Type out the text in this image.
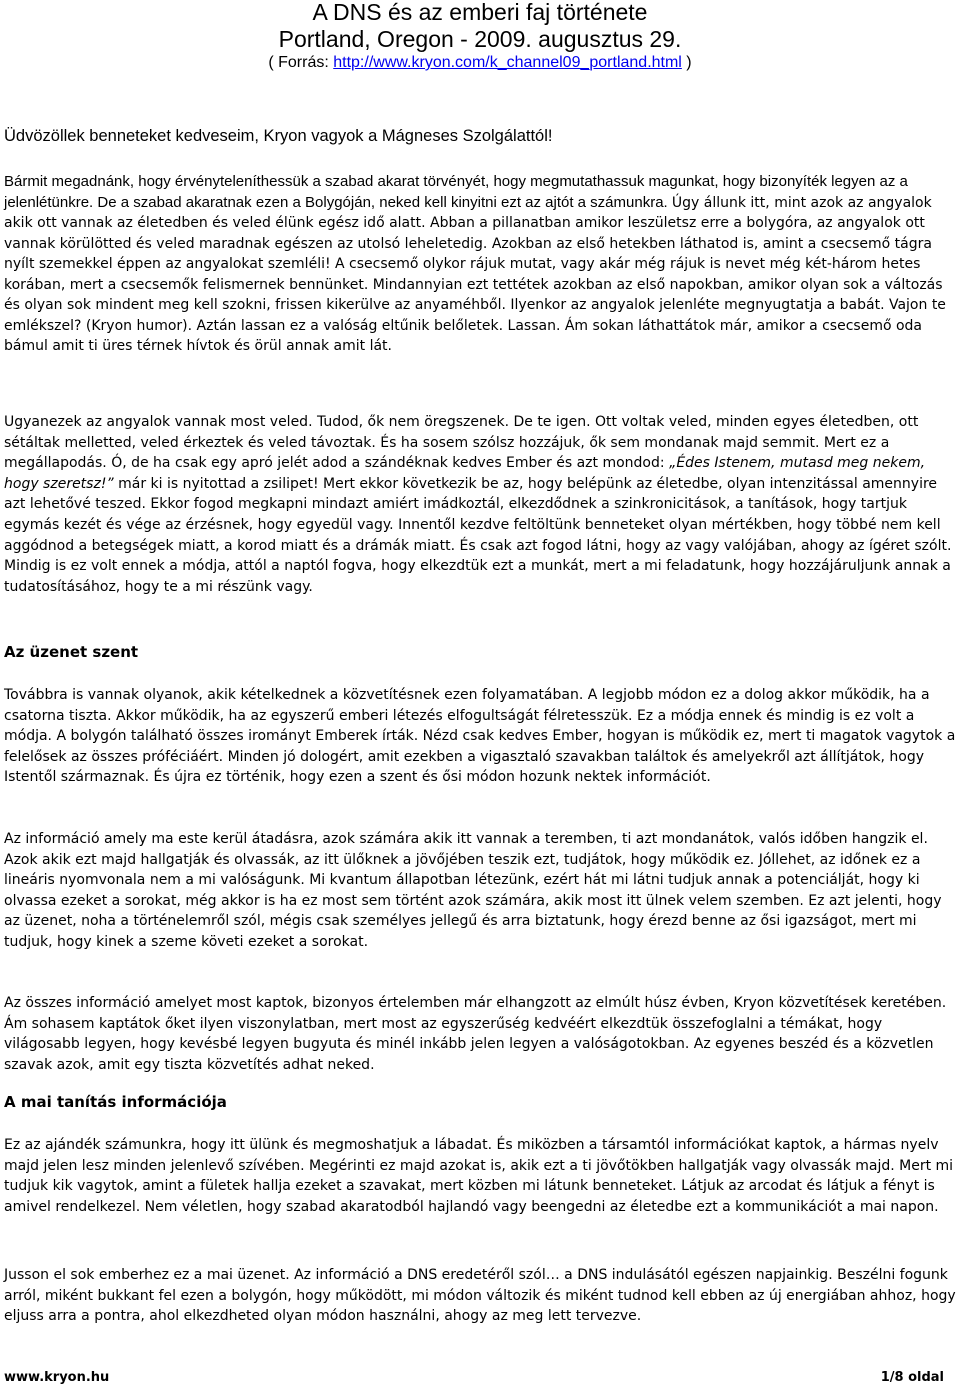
A DNS és az emberi faj története
Portland, Oregon - 2009. augusztus 29.
( Forrás: http://www.kryon.com/k_channel09_portland.html )
Üdvözöllek benneteket kedveseim, Kryon vagyok a Mágneses Szolgálattól!
Bármit megadnánk, hogy érvényteleníthessük a szabad akarat törvényét, hogy megmutathassuk magunkat, hogy bizonyíték legyen az a jelenlétünkre. De a szabad akaratnak ezen a Bolygóján, neked kell kinyitni ezt az ajtót a számunkra. Úgy állunk itt, mint azok az angyalok akik ott vannak az életedben és veled élünk egész idő alatt. Abban a pillanatban amikor leszületsz erre a bolygóra, az angyalok ott vannak körülötted és veled maradnak egészen az utolsó leheletedig. Azokban az első hetekben láthatod is, amint a csecsemő tágra nyílt szemekkel éppen az angyalokat szemléli! A csecsemő olykor rájuk mutat, vagy akár még rájuk is nevet még két-három hetes korában, mert a csecsemők felismernek bennünket. Mindannyian ezt tettétek azokban az első napokban, amikor olyan sok a változás és olyan sok mindent meg kell szokni, frissen kikerülve az anyaméhből. Ilyenkor az angyalok jelenléte megnyugtatja a babát. Vajon te emlékszel? (Kryon humor). Aztán lassan ez a valóság eltűnik belőletek. Lassan. Ám sokan láthattátok már, amikor a csecsemő oda bámul amit ti üres térnek hívtok és örül annak amit lát.
Ugyanezek az angyalok vannak most veled. Tudod, ők nem öregszenek. De te igen. Ott voltak veled, minden egyes életedben, ott sétáltak melletted, veled érkeztek és veled távoztak. És ha sosem szólsz hozzájuk, ők sem mondanak majd semmit. Mert ez a megállapodás. Ó, de ha csak egy apró jelét adod a szándéknak kedves Ember és azt mondod: „Édes Istenem, mutasd meg nekem, hogy szeretsz!” már ki is nyitottad a zsilipet! Mert ekkor következik be az, hogy belépünk az életedbe, olyan intenzitással amennyire azt lehetővé teszed. Ekkor fogod megkapni mindazt amiért imádkoztál, elkezdődnek a szinkronicitások, a tanítások, hogy tartjuk egymás kezét és vége az érzésnek, hogy egyedül vagy. Innentől kezdve feltöltünk benneteket olyan mértékben, hogy többé nem kell aggódnod a betegségek miatt, a korod miatt és a drámák miatt. És csak azt fogod látni, hogy az vagy valójában, ahogy az ígéret szólt. Mindig is ez volt ennek a módja, attól a naptól fogva, hogy elkezdtük ezt a munkát, mert a mi feladatunk, hogy hozzájáruljunk annak a tudatosításához, hogy te a mi részünk vagy.
Az üzenet szent
Továbbra is vannak olyanok, akik kételkednek a közvetítésnek ezen folyamatában. A legjobb módon ez a dolog akkor működik, ha a csatorna tiszta. Akkor működik, ha az egyszerű emberi létezés elfogultságát félretesszük. Ez a módja ennek és mindig is ez volt a módja. A bolygón található összes irományt Emberek írták. Nézd csak kedves Ember, hogyan is működik ez, mert ti magatok vagytok a felelősek az összes próféciáért. Minden jó dologért, amit ezekben a vigasztaló szavakban találtok és amelyekről azt állítjátok, hogy Istentől származnak. És újra ez történik, hogy ezen a szent és ősi módon hozunk nektek információt.
Az információ amely ma este kerül átadásra, azok számára akik itt vannak a teremben, ti azt mondanátok, valós időben hangzik el. Azok akik ezt majd hallgatják és olvassák, az itt ülőknek a jövőjében teszik ezt, tudjátok, hogy működik ez. Jóllehet, az időnek ez a lineáris nyomvonala nem a mi valóságunk. Mi kvantum állapotban létezünk, ezért hát mi látni tudjuk annak a potenciálját, hogy ki olvassa ezeket a sorokat, még akkor is ha ez most sem történt azok számára, akik most itt ülnek velem szemben. Ez azt jelenti, hogy az üzenet, noha a történelemről szól, mégis csak személyes jellegű és arra biztatunk, hogy érezd benne az ősi igazságot, mert mi tudjuk, hogy kinek a szeme követi ezeket a sorokat.
Az összes információ amelyet most kaptok, bizonyos értelemben már elhangzott az elmúlt húsz évben, Kryon közvetítések keretében. Ám sohasem kaptátok őket ilyen viszonylatban, mert most az egyszerűség kedvéért elkezdtük összefoglalni a témákat, hogy világosabb legyen, hogy kevésbé legyen bugyuta és minél inkább jelen legyen a valóságotokban. Az egyenes beszéd és a közvetlen szavak azok, amit egy tiszta közvetítés adhat neked.
A mai tanítás információja
Ez az ajándék számunkra, hogy itt ülünk és megmoshatjuk a lábadat. És miközben a társamtól információkat kaptok, a hármas nyelv majd jelen lesz minden jelenlevő szívében. Megérinti ez majd azokat is, akik ezt a ti jövőtökben hallgatják vagy olvassák majd. Mert mi tudjuk kik vagytok, amint a fületek hallja ezeket a szavakat, mert közben mi látunk benneteket. Látjuk az arcodat és látjuk a fényt is amivel rendelkezel. Nem véletlen, hogy szabad akaratodból hajlandó vagy beengedni az életedbe ezt a kommunikációt a mai napon.
Jusson el sok emberhez ez a mai üzenet. Az információ a DNS eredetéről szól… a DNS indulásától egészen napjainkig. Beszélni fogunk arról, miként bukkant fel ezen a bolygón, hogy működött, mi módon változik és miként tudnod kell ebben az új energiában ahhoz, hogy eljuss arra a pontra, ahol elkezdheted olyan módon használni, ahogy az meg lett tervezve.
www.kryon.hu	1/8 oldal
